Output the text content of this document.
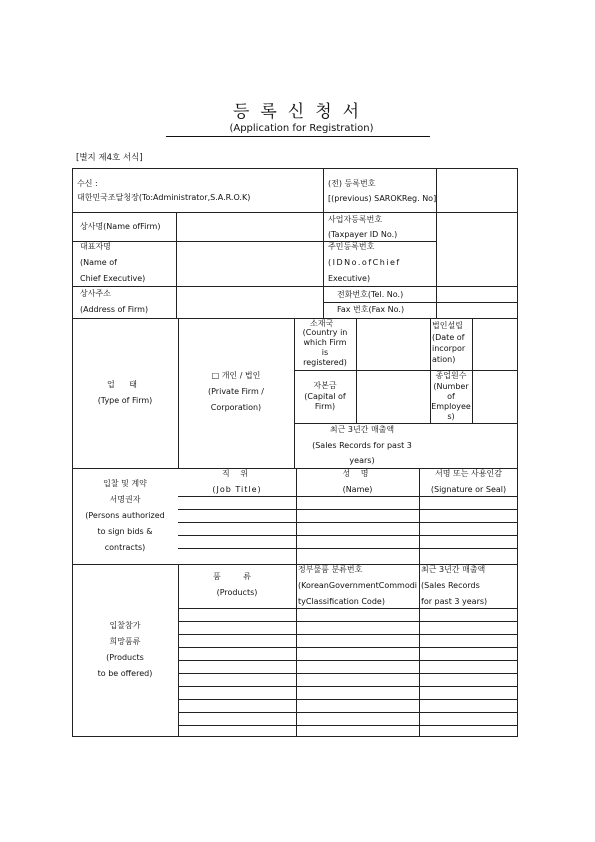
등록신청서
(Application for Registration)
[별지 제4호 서식]
수신 :
대한민국조달청장(To:Administrator,S.A.R.O.K)
(전) 등록번호
[(previous) SAROKReg. No]
상사명(Name ofFirm)
사업자등록번호
(Taxpayer ID No.)
대표자명
(Name of
Chief Executive)
주민등록번호
(IDNo.ofChief
Executive)
상사주소
(Address of Firm)
전화번호(Tel. No.)
Fax 번호(Fax No.)
업 태
(Type of Firm)
□ 개인 / 법인
(Private Firm /
Corporation)
소재국
(Country in
which Firm
is
registered)
법인설립
(Date of
incorpor
ation)
자본금
(Capital of
Firm)
종업원수
(Number
of
Employee
s)
최근 3년간 매출액
(Sales Records for past 3
years)
입찰 및 계약
서명권자
(Persons authorized
to sign bids &
contracts)
직 위
(Job Title)
성 명
(Name)
서명 또는 사용인감
(Signature or Seal)
입찰참가
희망품류
(Products
to be offered)
품 류
(Products)
정부물품 분류번호
(KoreanGovernmentCommodi
tyClassification Code)
최근 3년간 매출액
(Sales Records
for past 3 years)
